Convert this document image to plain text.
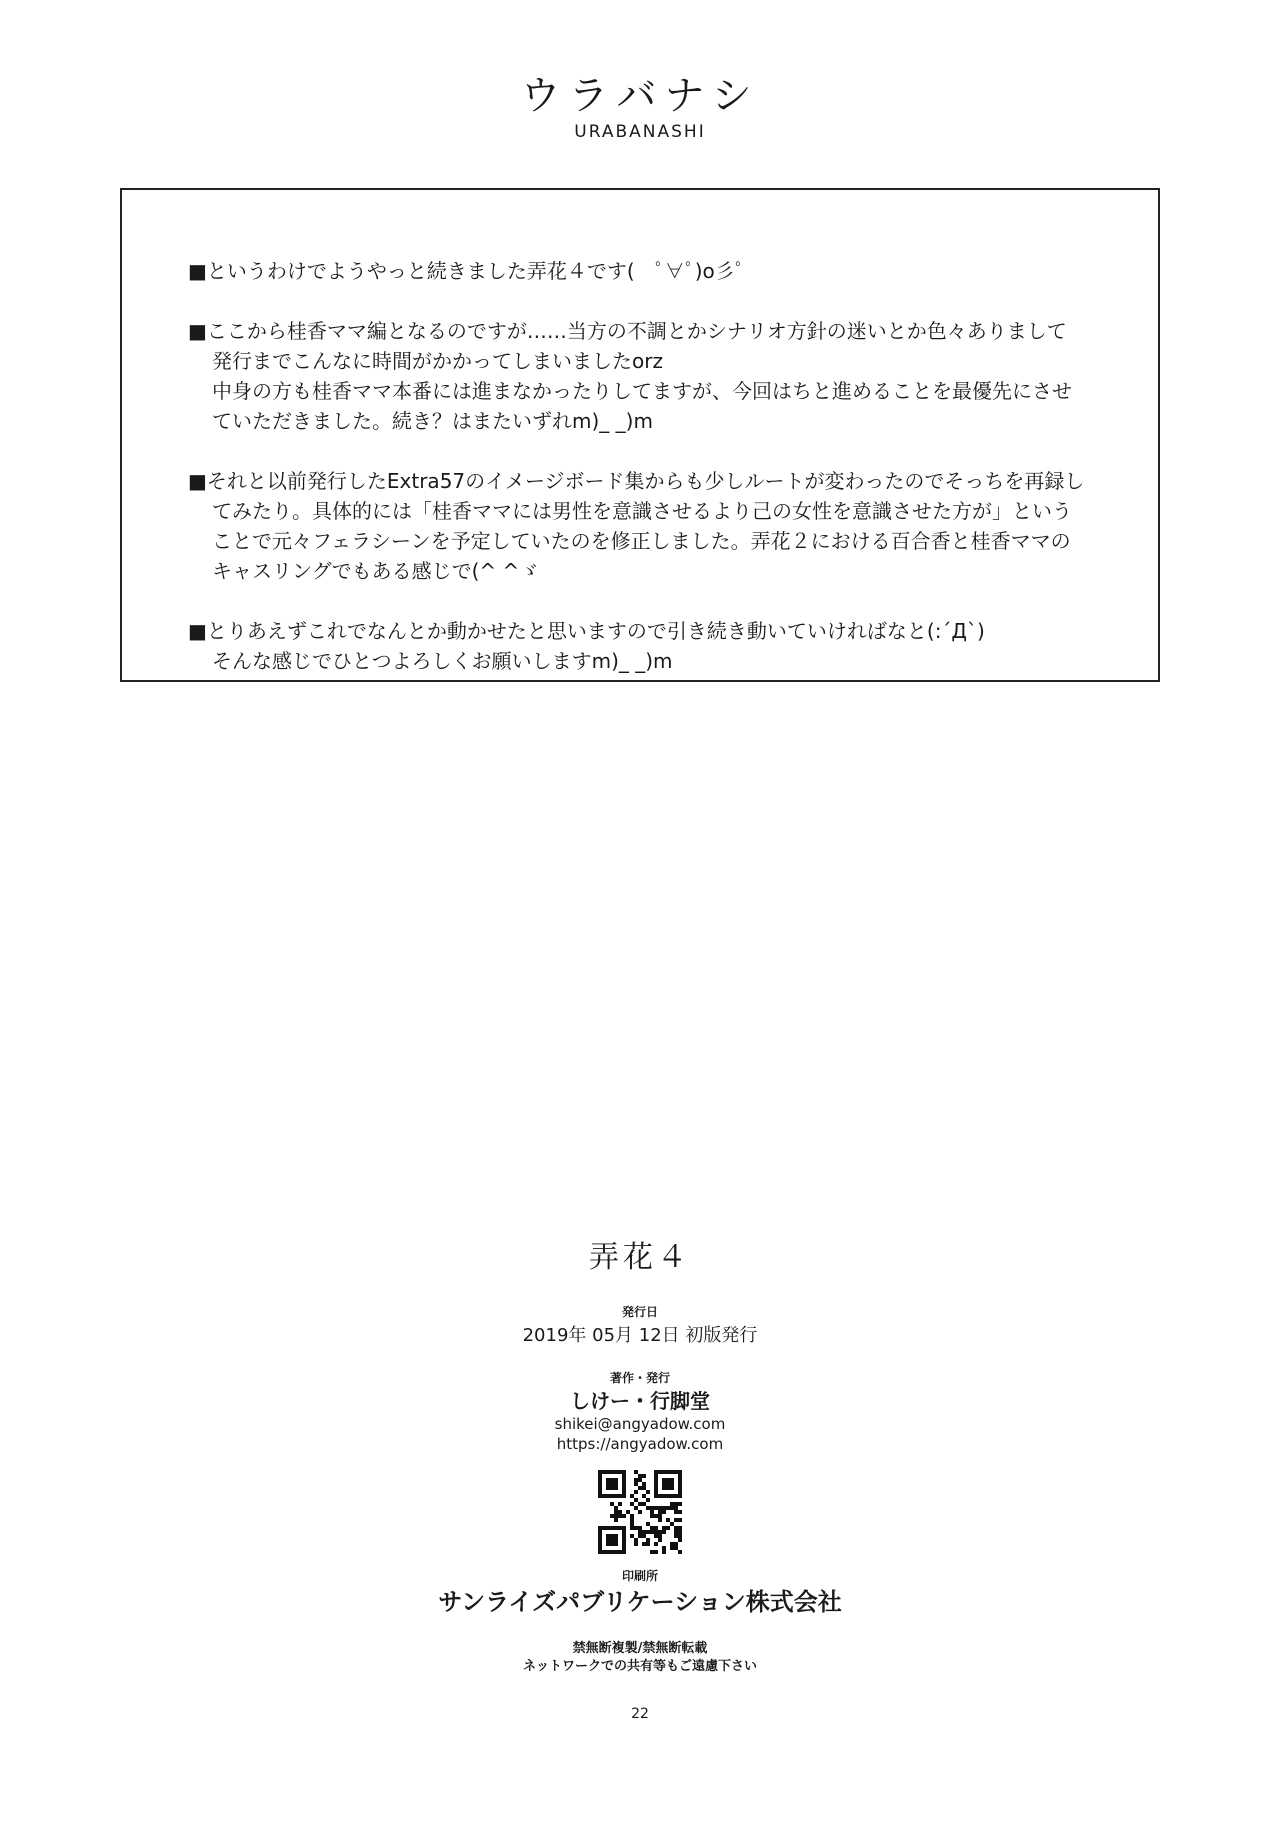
ウラバナシ
URABANASHI
■というわけでようやっと続きました弄花４です(　ﾟ∀ﾟ)o彡ﾟ
■ここから桂香ママ編となるのですが……当方の不調とかシナリオ方針の迷いとか色々ありまして
発行までこんなに時間がかかってしまいましたorz
中身の方も桂香ママ本番には進まなかったりしてますが、今回はちと進めることを最優先にさせ
ていただきました。続き？はまたいずれm)_ _)m
■それと以前発行したExtra57のイメージボード集からも少しルートが変わったのでそっちを再録し
てみたり。具体的には「桂香ママには男性を意識させるより己の女性を意識させた方が」という
ことで元々フェラシーンを予定していたのを修正しました。弄花２における百合香と桂香ママの
キャスリングでもある感じで(^ ^ゞ
■とりあえずこれでなんとか動かせたと思いますので引き続き動いていければなと(:´Д`)
そんな感じでひとつよろしくお願いしますm)_ _)m
弄花４
発行日
2019年 05月 12日 初版発行
著作・発行
しけー・行脚堂
shikei@angyadow.com
https://angyadow.com
印刷所
サンライズパブリケーション株式会社
禁無断複製/禁無断転載
ネットワークでの共有等もご遠慮下さい
22
